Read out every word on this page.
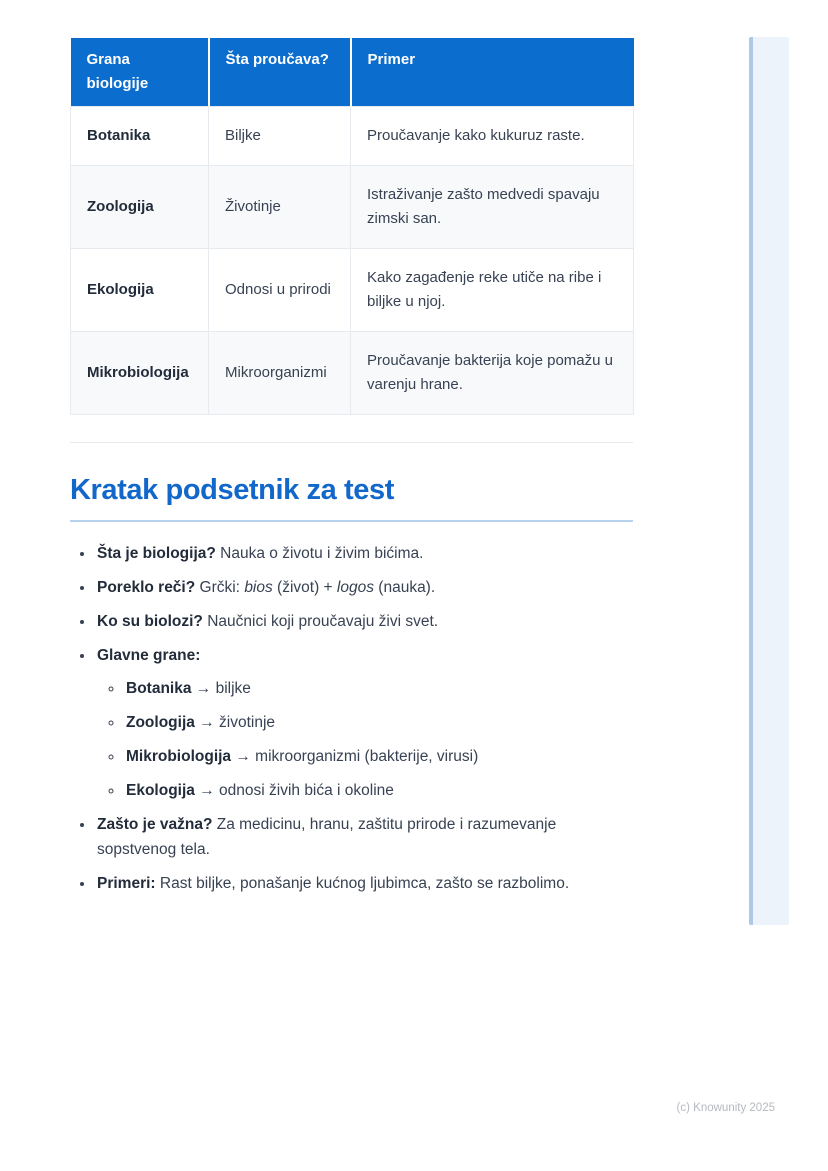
Grana biologije	Šta proučava?	Primer
Botanika	Biljke	Proučavanje kako kukuruz raste.
Zoologija	Životinje	Istraživanje zašto medvedi spavaju zimski san.
Ekologija	Odnosi u prirodi	Kako zagađenje reke utiče na ribe i biljke u njoj.
Mikrobiologija	Mikroorganizmi	Proučavanje bakterija koje pomažu u varenju hrane.
Kratak podsetnik za test
• Šta je biologija? Nauka o životu i živim bićima.
• Poreklo reči? Grčki: bios (život) + logos (nauka).
• Ko su biolozi? Naučnici koji proučavaju živi svet.
• Glavne grane:
◦ Botanika → biljke
◦ Zoologija → životinje
◦ Mikrobiologija → mikroorganizmi (bakterije, virusi)
◦ Ekologija → odnosi živih bića i okoline
• Zašto je važna? Za medicinu, hranu, zaštitu prirode i razumevanje sopstvenog tela.
• Primeri: Rast biljke, ponašanje kućnog ljubimca, zašto se razbolimo.
(c) Knowunity 2025
